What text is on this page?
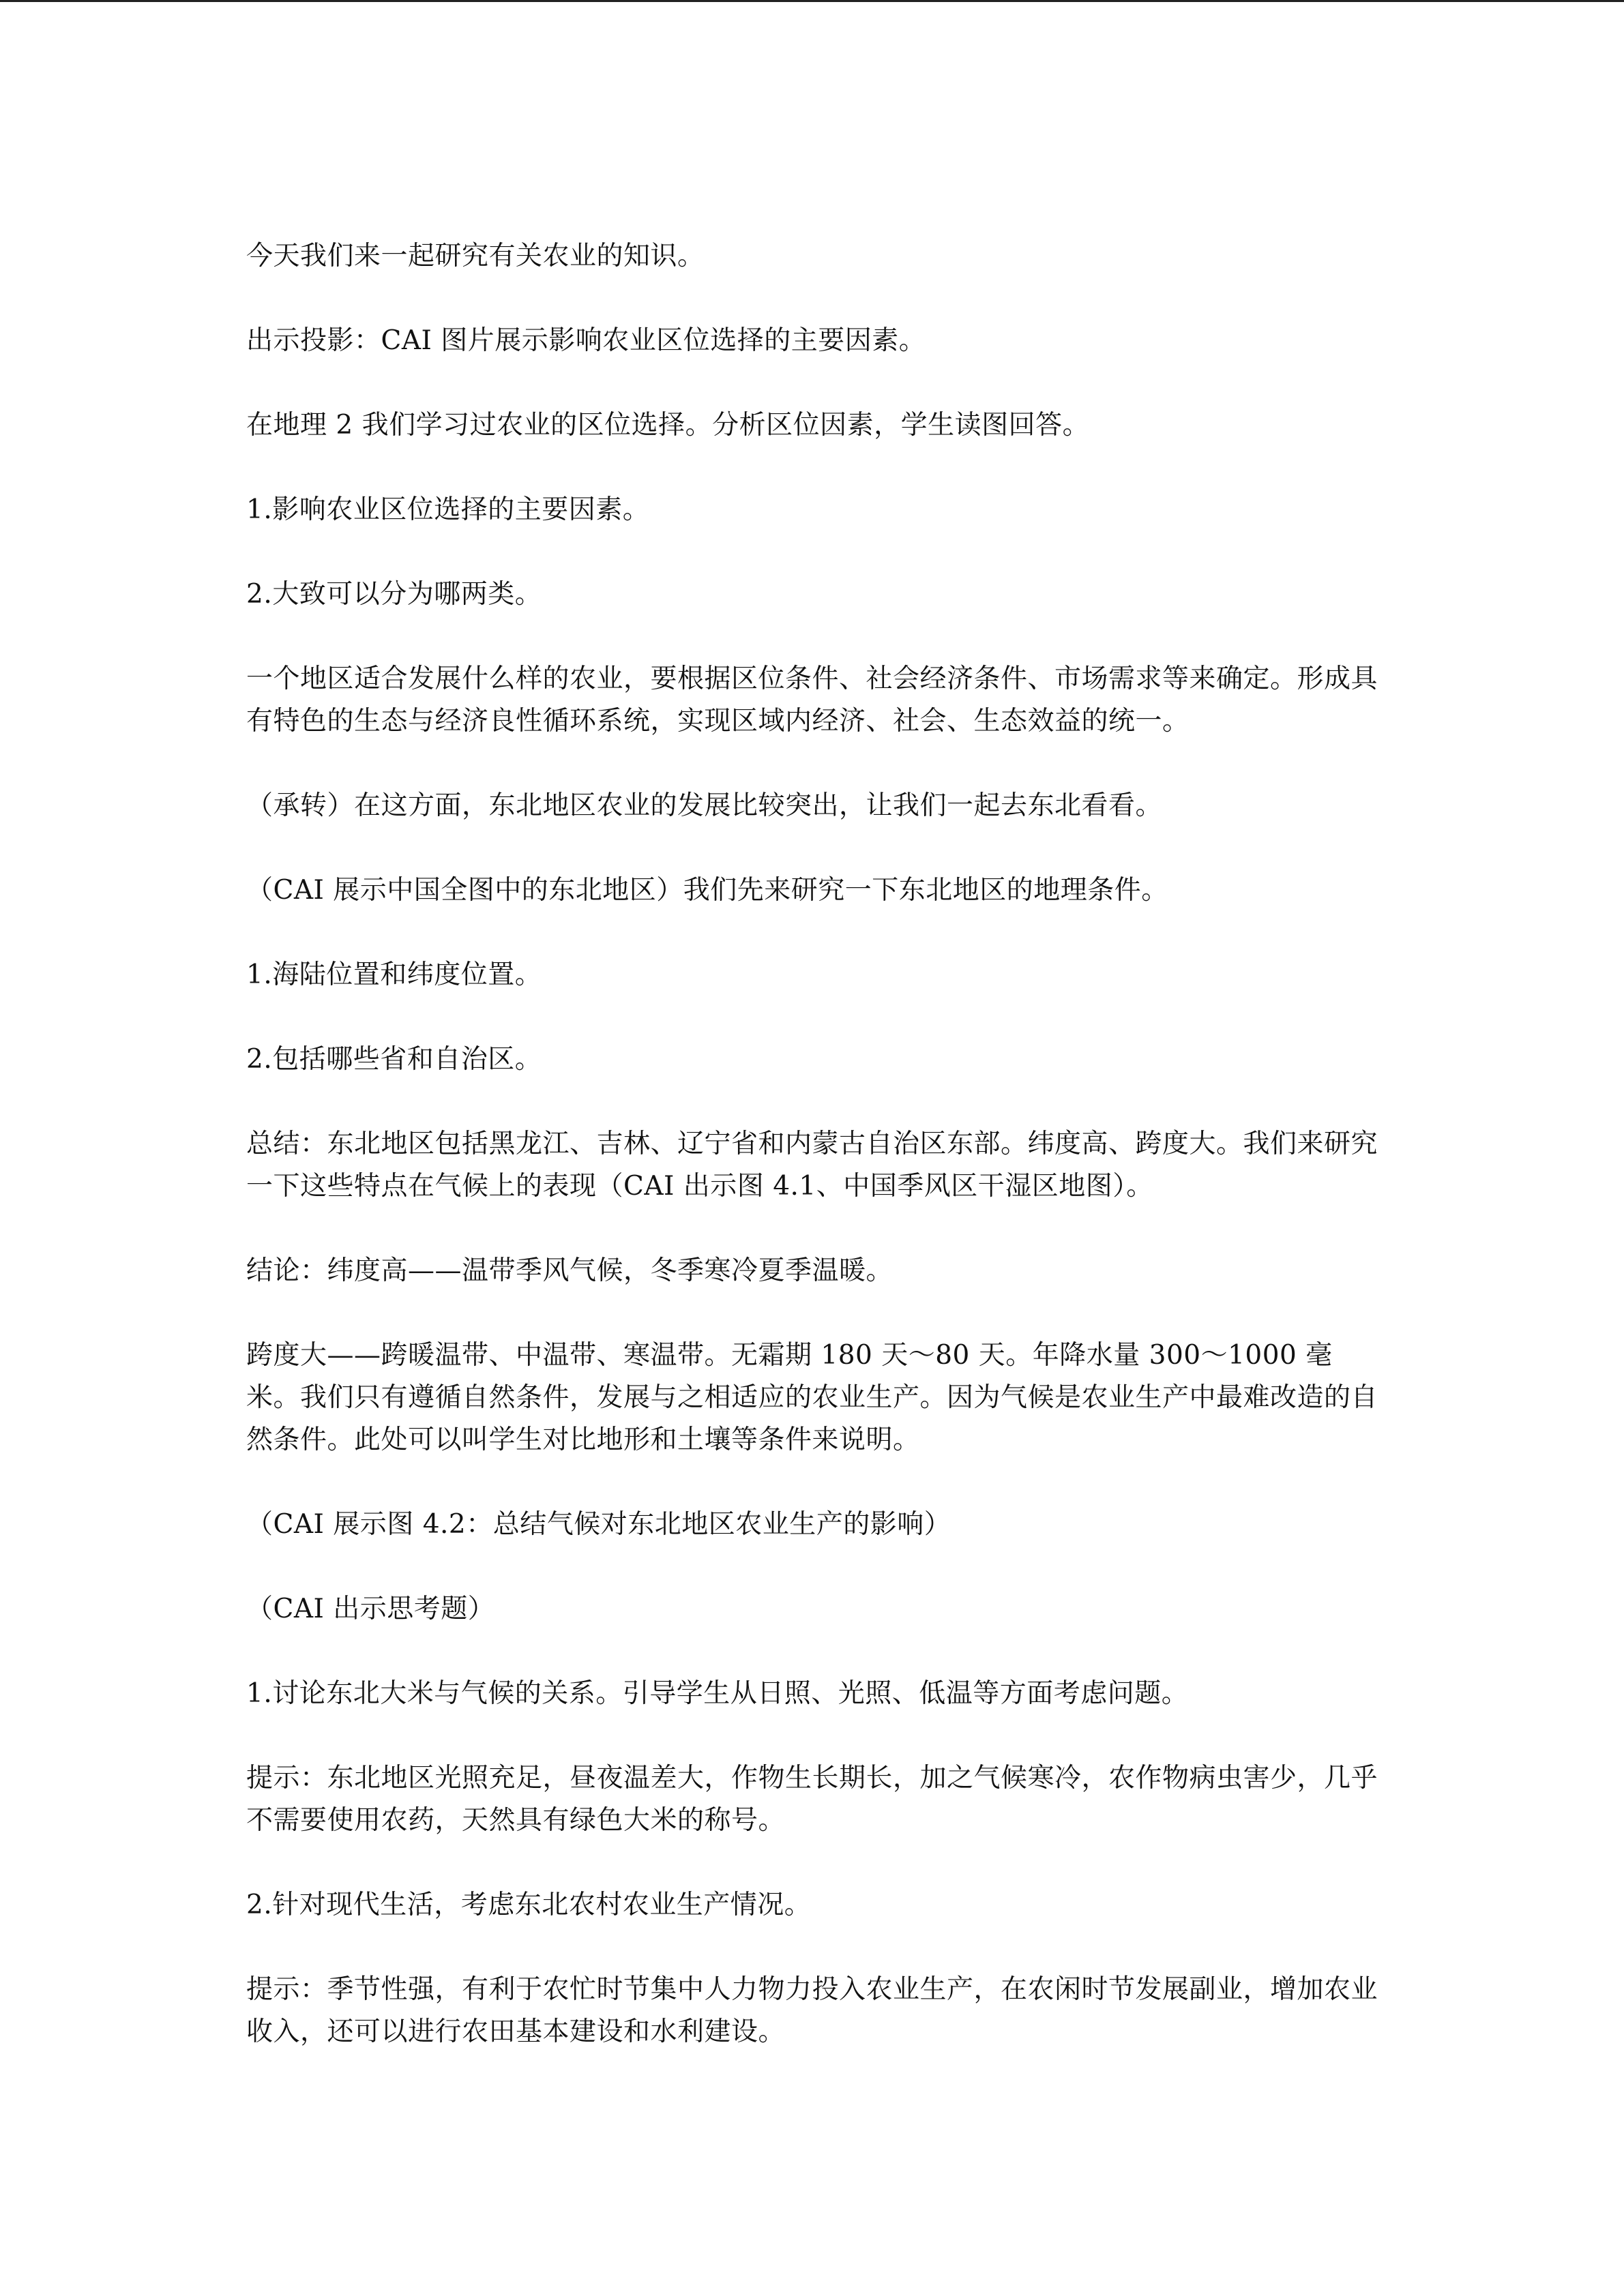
今天我们来一起研究有关农业的知识。

出示投影：CAI 图片展示影响农业区位选择的主要因素。

在地理 2 我们学习过农业的区位选择。分析区位因素，学生读图回答。

1.影响农业区位选择的主要因素。

2.大致可以分为哪两类。

一个地区适合发展什么样的农业，要根据区位条件、社会经济条件、市场需求等来确定。形成具有特色的生态与经济良性循环系统，实现区域内经济、社会、生态效益的统一。

（承转）在这方面，东北地区农业的发展比较突出，让我们一起去东北看看。

（CAI 展示中国全图中的东北地区）我们先来研究一下东北地区的地理条件。

1.海陆位置和纬度位置。

2.包括哪些省和自治区。

总结：东北地区包括黑龙江、吉林、辽宁省和内蒙古自治区东部。纬度高、跨度大。我们来研究一下这些特点在气候上的表现（CAI 出示图 4.1、中国季风区干湿区地图）。

结论：纬度高——温带季风气候，冬季寒冷夏季温暖。

跨度大——跨暖温带、中温带、寒温带。无霜期 180 天～80 天。年降水量 300～1000 毫米。我们只有遵循自然条件，发展与之相适应的农业生产。因为气候是农业生产中最难改造的自然条件。此处可以叫学生对比地形和土壤等条件来说明。

（CAI 展示图 4.2：总结气候对东北地区农业生产的影响）

（CAI 出示思考题）

1.讨论东北大米与气候的关系。引导学生从日照、光照、低温等方面考虑问题。

提示：东北地区光照充足，昼夜温差大，作物生长期长，加之气候寒冷，农作物病虫害少，几乎不需要使用农药，天然具有绿色大米的称号。

2.针对现代生活，考虑东北农村农业生产情况。

提示：季节性强，有利于农忙时节集中人力物力投入农业生产，在农闲时节发展副业，增加农业收入，还可以进行农田基本建设和水利建设。
